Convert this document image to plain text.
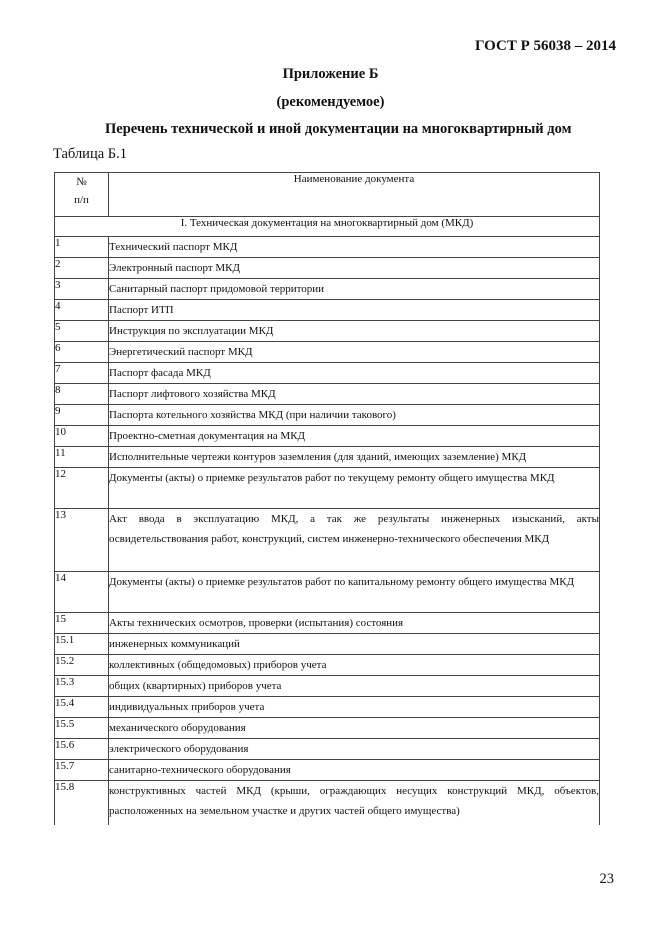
ГОСТ Р 56038 – 2014
Приложение Б
(рекомендуемое)
Перечень технической и иной документации на многоквартирный дом
Таблица Б.1
№
п/п	Наименование документа
I. Техническая документация на многоквартирный дом (МКД)	
1	Технический паспорт МКД
2	Электронный паспорт МКД
3	Санитарный паспорт придомовой территории
4	Паспорт ИТП
5	Инструкция по эксплуатации МКД
6	Энергетический паспорт МКД
7	Паспорт фасада МКД
8	Паспорт лифтового хозяйства МКД
9	Паспорта котельного хозяйства МКД (при наличии такового)
10	Проектно-сметная документация на МКД
11	Исполнительные чертежи контуров заземления (для зданий, имеющих заземление) МКД
12	Документы (акты) о приемке результатов работ по текущему ремонту общего имущества МКД
13	Акт ввода в эксплуатацию МКД, а так же результаты инженерных изысканий, акты освидетельствования работ, конструкций, систем инженерно-технического обеспечения МКД
14	Документы (акты) о приемке результатов работ по капитальному ремонту общего имущества МКД
15	Акты технических осмотров, проверки (испытания) состояния
15.1	инженерных коммуникаций
15.2	коллективных (общедомовых) приборов учета
15.3	общих (квартирных) приборов учета
15.4	индивидуальных приборов учета
15.5	механического оборудования
15.6	электрического оборудования
15.7	санитарно-технического оборудования
15.8	конструктивных частей МКД (крыши, ограждающих несущих конструкций МКД, объектов, расположенных на земельном участке и других частей общего имущества)
23
